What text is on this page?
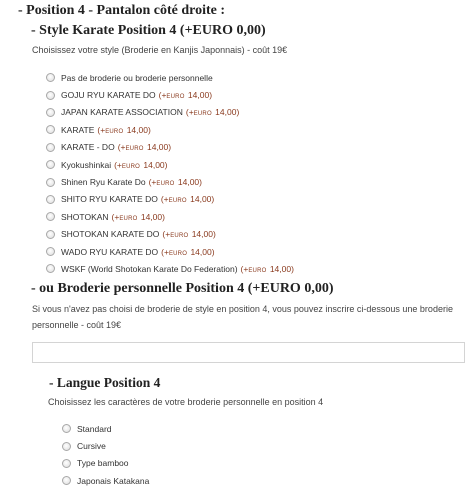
- Position 4 - Pantalon côté droite :
- Style Karate Position 4 (+EURO 0,00)
Choisissez votre style (Broderie en Kanjis Japonnais) - coût 19€
Pas de broderie ou broderie personnelle
GOJU RYU KARATE DO (+EURO 14,00)
JAPAN KARATE ASSOCIATION (+EURO 14,00)
KARATE (+EURO 14,00)
KARATE - DO (+EURO 14,00)
Kyokushinkai (+EURO 14,00)
Shinen Ryu Karate Do (+EURO 14,00)
SHITO RYU KARATE DO (+EURO 14,00)
SHOTOKAN (+EURO 14,00)
SHOTOKAN KARATE DO (+EURO 14,00)
WADO RYU KARATE DO (+EURO 14,00)
WSKF (World Shotokan Karate Do Federation) (+EURO 14,00)
- ou Broderie personnelle Position 4 (+EURO 0,00)
Si vous n'avez pas choisi de broderie de style en position 4, vous pouvez inscrire ci-dessous une broderie personnelle - coût 19€
- Langue Position 4
Choisissez les caractères de votre broderie personnelle en position 4
Standard
Cursive
Type bamboo
Japonais Katakana
